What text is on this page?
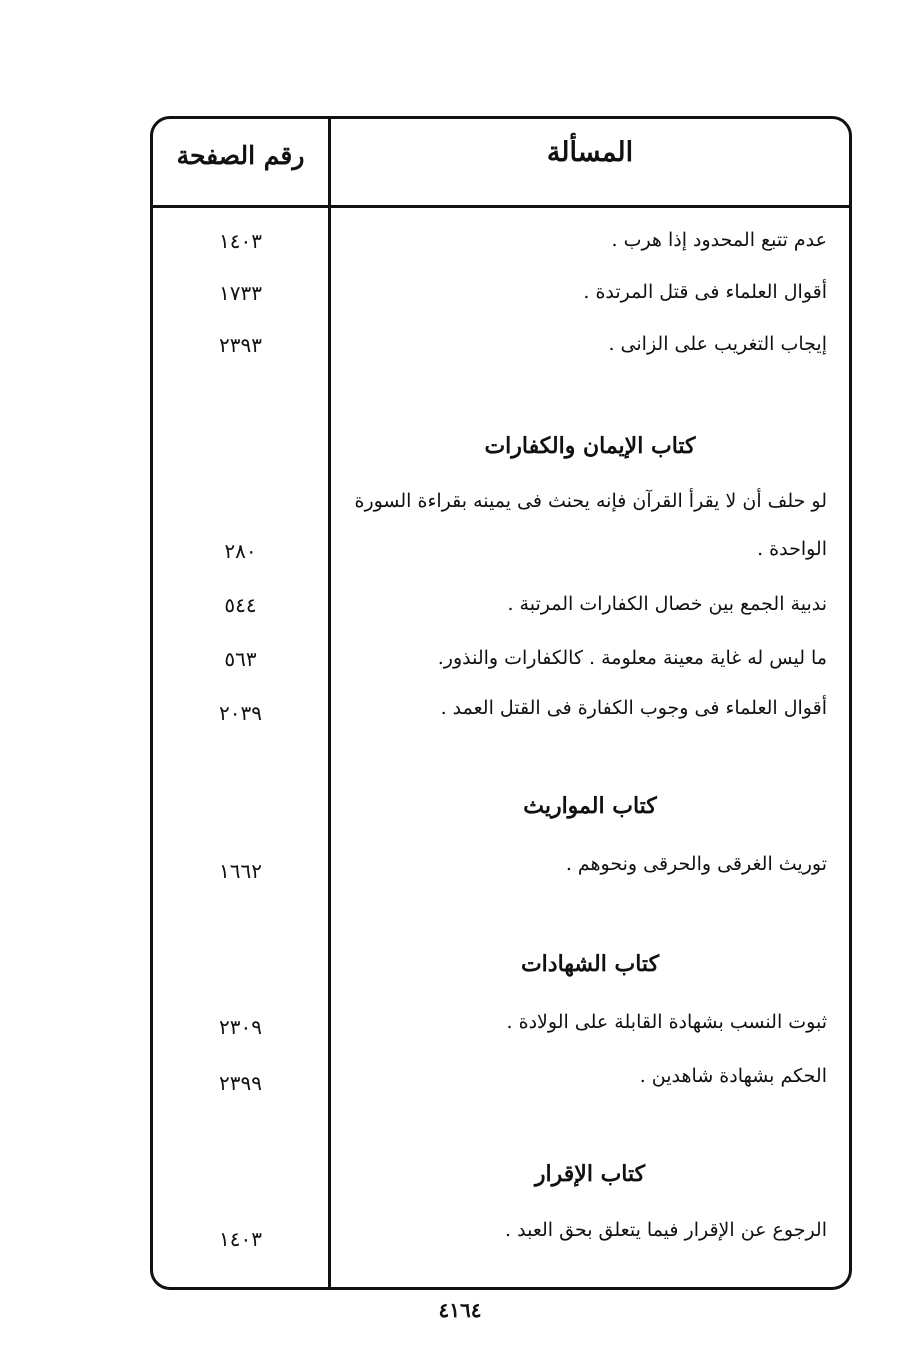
المسألة
رقم الصفحة
عدم تتبع المحدود إذا هرب .
١٤٠٣
أقوال العلماء فى قتل المرتدة .
١٧٣٣
إيجاب التغريب على الزانى .
٢٣٩٣
كتاب الإيمان والكفارات
لو حلف أن لا يقرأ القرآن فإنه يحنث فى يمينه بقراءة السورة الواحدة .
٢٨٠
ندبية الجمع بين خصال الكفارات المرتبة .
٥٤٤
ما ليس له غاية معينة معلومة . كالكفارات والنذور.
٥٦٣
أقوال العلماء فى وجوب الكفارة فى القتل العمد .
٢٠٣٩
كتاب المواريث
توريث الغرقى والحرقى ونحوهم .
١٦٦٢
كتاب الشهادات
ثبوت النسب بشهادة القابلة على الولادة .
٢٣٠٩
الحكم بشهادة شاهدين .
٢٣٩٩
كتاب الإقرار
الرجوع عن الإقرار فيما يتعلق بحق العبد .
١٤٠٣
٤١٦٤
